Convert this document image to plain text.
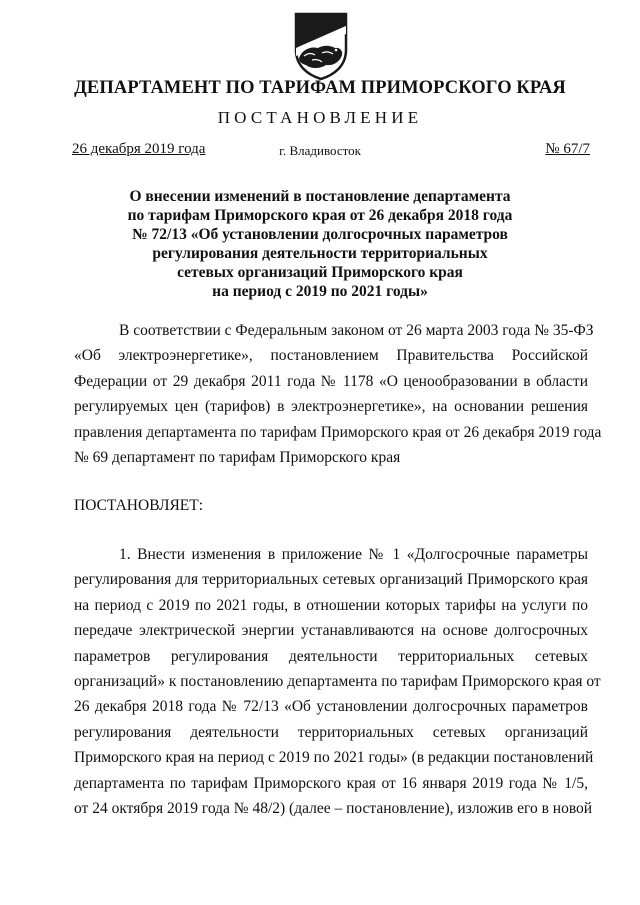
ДЕПАРТАМЕНТ ПО ТАРИФАМ ПРИМОРСКОГО КРАЯ
ПОСТАНОВЛЕНИЕ
26 декабря 2019 года	г. Владивосток	№ 67/7
О внесении изменений в постановление департамента
по тарифам Приморского края от 26 декабря 2018 года
№ 72/13 «Об установлении долгосрочных параметров
регулирования деятельности территориальных
сетевых организаций Приморского края
на период с 2019 по 2021 годы»
В соответствии с Федеральным законом от 26 марта 2003 года № 35-ФЗ
«Об электроэнергетике», постановлением Правительства Российской
Федерации от 29 декабря 2011 года № 1178 «О ценообразовании в области
регулируемых цен (тарифов) в электроэнергетике», на основании решения
правления департамента по тарифам Приморского края от 26 декабря 2019 года
№ 69 департамент по тарифам Приморского края
ПОСТАНОВЛЯЕТ:
1. Внести изменения в приложение № 1 «Долгосрочные параметры
регулирования для территориальных сетевых организаций Приморского края
на период с 2019 по 2021 годы, в отношении которых тарифы на услуги по
передаче электрической энергии устанавливаются на основе долгосрочных
параметров регулирования деятельности территориальных сетевых
организаций» к постановлению департамента по тарифам Приморского края от
26 декабря 2018 года № 72/13 «Об установлении долгосрочных параметров
регулирования деятельности территориальных сетевых организаций
Приморского края на период с 2019 по 2021 годы» (в редакции постановлений
департамента по тарифам Приморского края от 16 января 2019 года № 1/5,
от 24 октября 2019 года № 48/2) (далее – постановление), изложив его в новой
